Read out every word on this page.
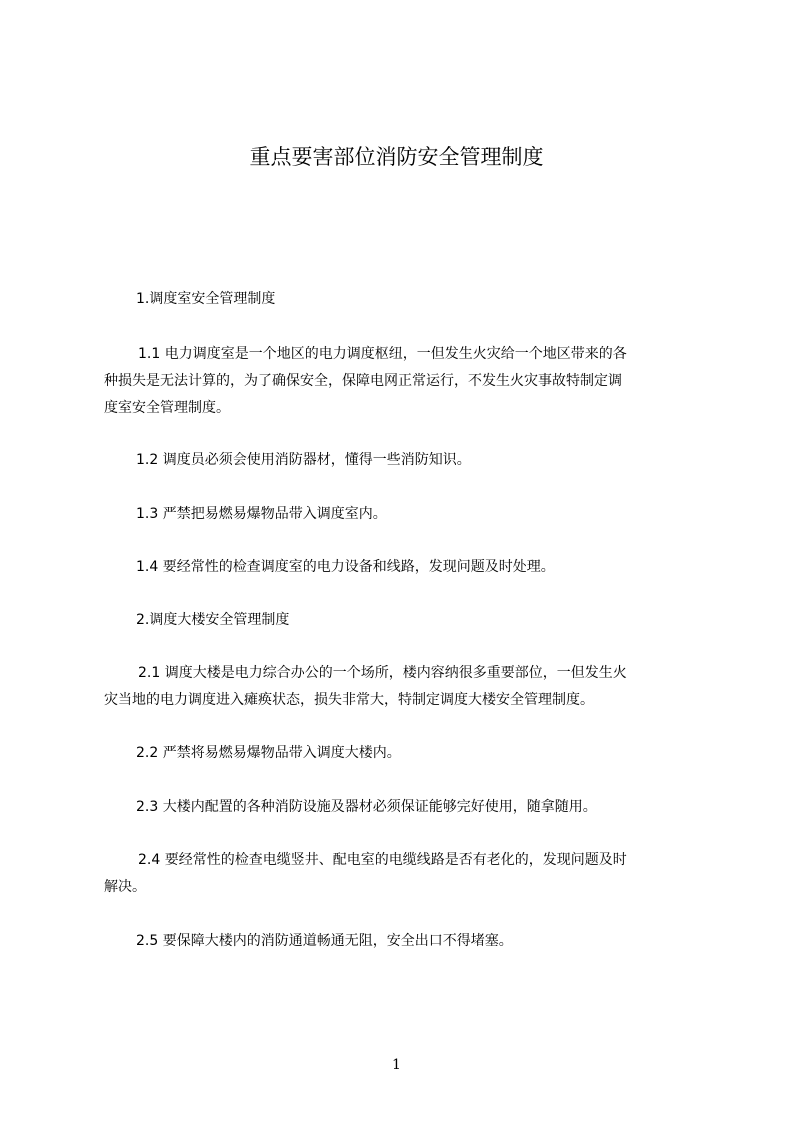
重点要害部位消防安全管理制度

1.调度室安全管理制度

1.1 电力调度室是一个地区的电力调度枢纽，一但发生火灾给一个地区带来的各
种损失是无法计算的，为了确保安全，保障电网正常运行，不发生火灾事故特制定调
度室安全管理制度。

1.2 调度员必须会使用消防器材，懂得一些消防知识。

1.3 严禁把易燃易爆物品带入调度室内。

1.4 要经常性的检查调度室的电力设备和线路，发现问题及时处理。

2.调度大楼安全管理制度

2.1 调度大楼是电力综合办公的一个场所，楼内容纳很多重要部位，一但发生火
灾当地的电力调度进入瘫痪状态，损失非常大，特制定调度大楼安全管理制度。

2.2 严禁将易燃易爆物品带入调度大楼内。

2.3 大楼内配置的各种消防设施及器材必须保证能够完好使用，随拿随用。

2.4 要经常性的检查电缆竖井、配电室的电缆线路是否有老化的，发现问题及时
解决。

2.5 要保障大楼内的消防通道畅通无阻，安全出口不得堵塞。

1
